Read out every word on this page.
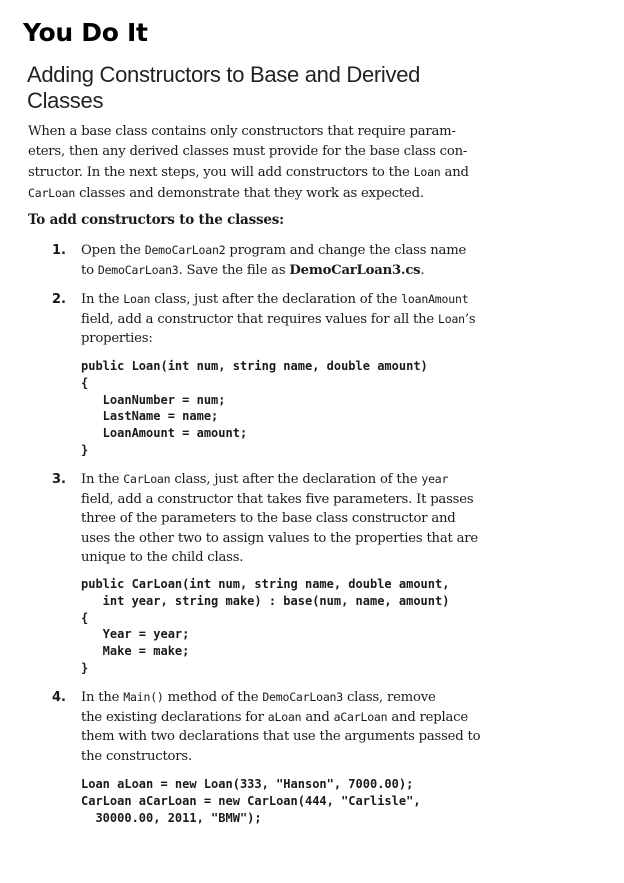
You Do It
Adding Constructors to Base and Derived
Classes

When a base class contains only constructors that require param-
eters, then any derived classes must provide for the base class con-
structor. In the next steps, you will add constructors to the Loan and
CarLoan classes and demonstrate that they work as expected.

To add constructors to the classes:
1. Open the DemoCarLoan2 program and change the class name
to DemoCarLoan3. Save the file as DemoCarLoan3.cs.
2. In the Loan class, just after the declaration of the loanAmount
field, add a constructor that requires values for all the Loan’s
properties:
public Loan(int num, string name, double amount)
{
LoanNumber = num;
LastName = name;
LoanAmount = amount;
}
3. In the CarLoan class, just after the declaration of the year
field, add a constructor that takes five parameters. It passes
three of the parameters to the base class constructor and
uses the other two to assign values to the properties that are
unique to the child class.
public CarLoan(int num, string name, double amount,
int year, string make) : base(num, name, amount)
{
Year = year;
Make = make;
}
4. In the Main() method of the DemoCarLoan3 class, remove
the existing declarations for aLoan and aCarLoan and replace
them with two declarations that use the arguments passed to
the constructors.
Loan aLoan = new Loan(333, "Hanson", 7000.00);
CarLoan aCarLoan = new CarLoan(444, "Carlisle",
30000.00, 2011, "BMW");
